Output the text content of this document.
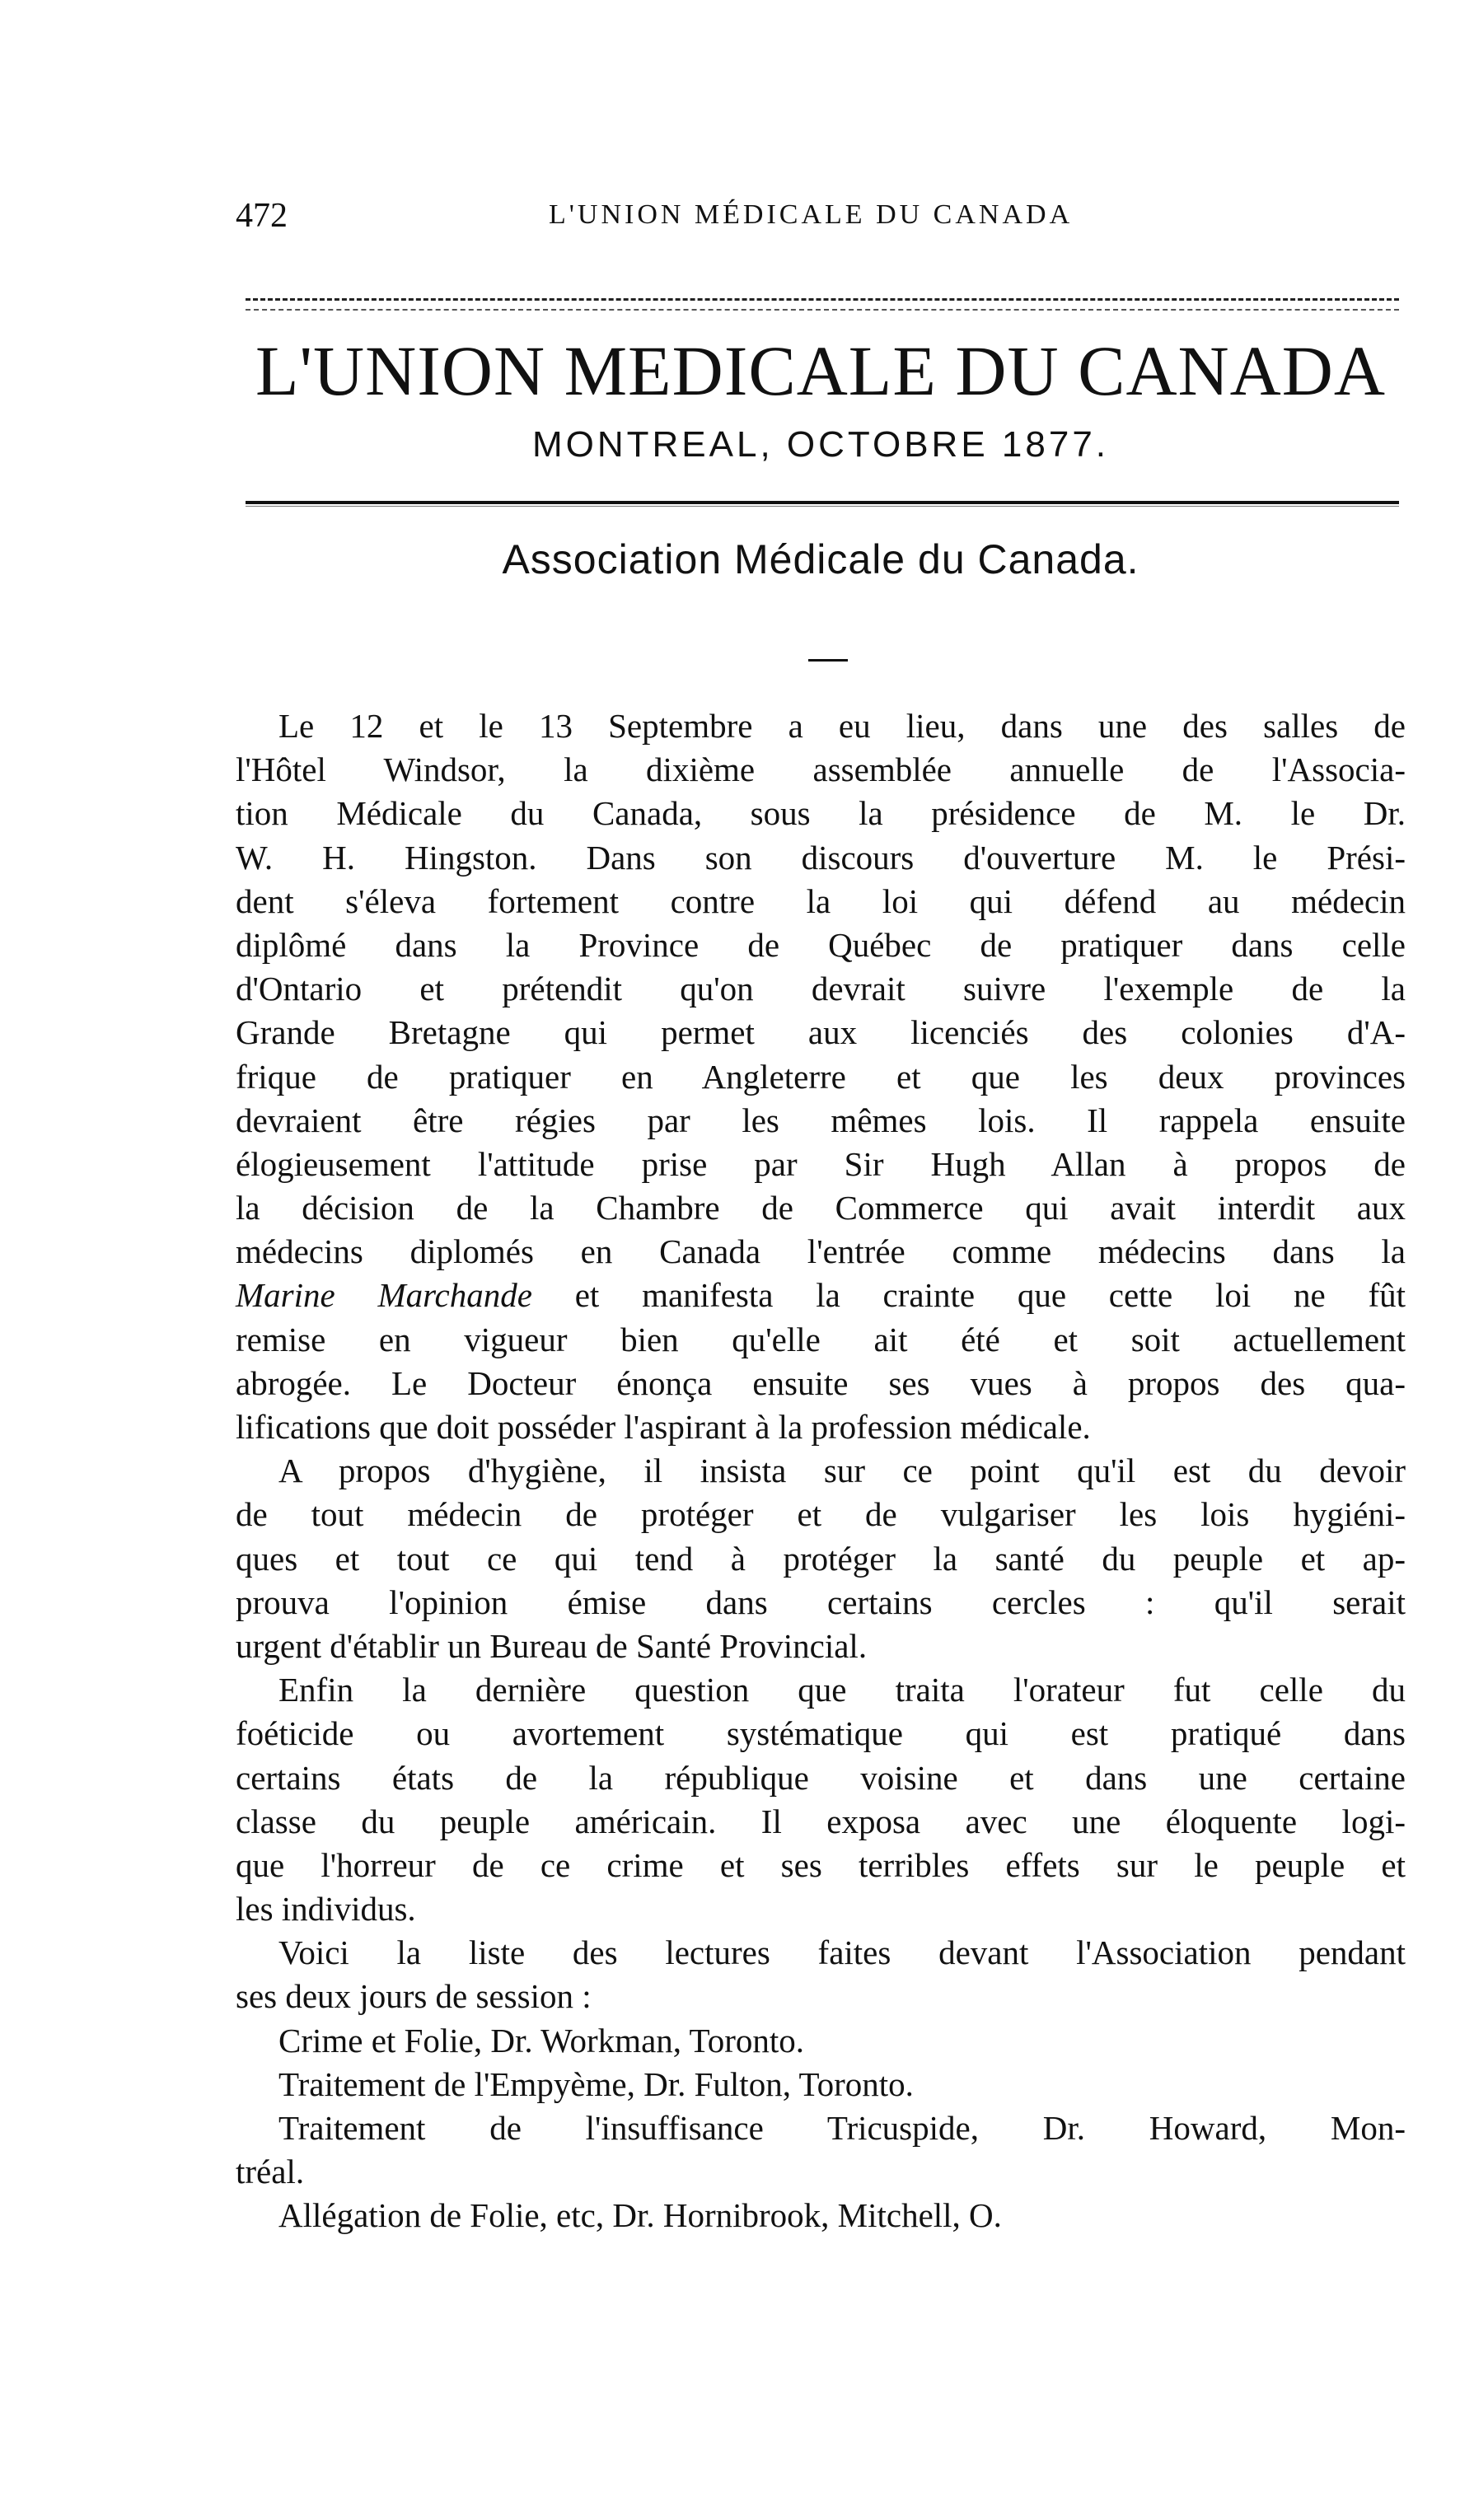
472	L'UNION MÉDICALE DU CANADA
L'UNION MEDICALE DU CANADA
MONTREAL, OCTOBRE 1877.
Association Médicale du Canada.
Le 12 et le 13 Septembre a eu lieu, dans une des salles de
l'Hôtel Windsor, la dixième assemblée annuelle de l'Associa-
tion Médicale du Canada, sous la présidence de M. le Dr.
W. H. Hingston. Dans son discours d'ouverture M. le Prési-
dent s'éleva fortement contre la loi qui défend au médecin
diplômé dans la Province de Québec de pratiquer dans celle
d'Ontario et prétendit qu'on devrait suivre l'exemple de la
Grande Bretagne qui permet aux licenciés des colonies d'A-
frique de pratiquer en Angleterre et que les deux provinces
devraient être régies par les mêmes lois. Il rappela ensuite
élogieusement l'attitude prise par Sir Hugh Allan à propos de
la décision de la Chambre de Commerce qui avait interdit aux
médecins diplomés en Canada l'entrée comme médecins dans la
Marine Marchande et manifesta la crainte que cette loi ne fût
remise en vigueur bien qu'elle ait été et soit actuellement
abrogée. Le Docteur énonça ensuite ses vues à propos des qua-
lifications que doit posséder l'aspirant à la profession médicale.
A propos d'hygiène, il insista sur ce point qu'il est du devoir
de tout médecin de protéger et de vulgariser les lois hygiéni-
ques et tout ce qui tend à protéger la santé du peuple et ap-
prouva l'opinion émise dans certains cercles : qu'il serait
urgent d'établir un Bureau de Santé Provincial.
Enfin la dernière question que traita l'orateur fut celle du
foéticide ou avortement systématique qui est pratiqué dans
certains états de la république voisine et dans une certaine
classe du peuple américain. Il exposa avec une éloquente logi-
que l'horreur de ce crime et ses terribles effets sur le peuple et
les individus.
Voici la liste des lectures faites devant l'Association pendant
ses deux jours de session :
Crime et Folie, Dr. Workman, Toronto.
Traitement de l'Empyème, Dr. Fulton, Toronto.
Traitement de l'insuffisance Tricuspide, Dr. Howard, Mon-
tréal.
Allégation de Folie, etc, Dr. Hornibrook, Mitchell, O.
